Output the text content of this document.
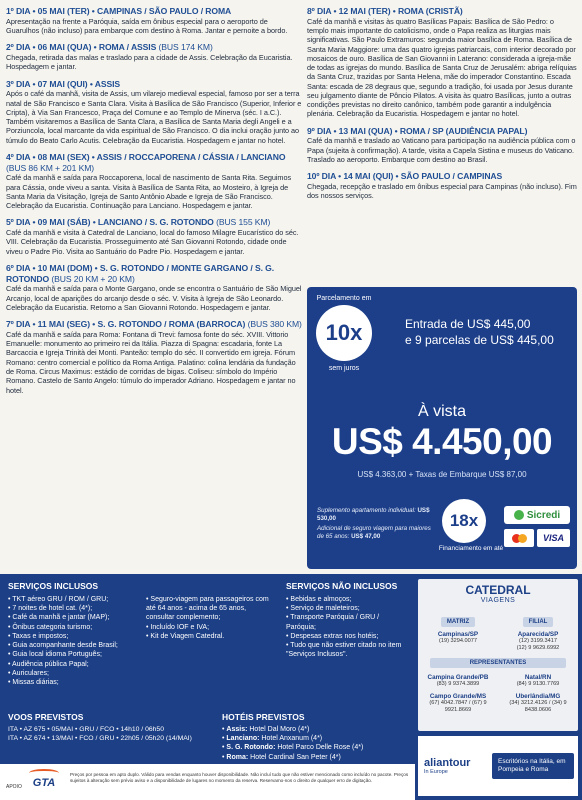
1º DIA • 05 MAI (TER) • CAMPINAS / SÃO PAULO / ROMA
Apresentação na frente a Paróquia, saída em ônibus especial para o aeroporto de Guarulhos (não incluso) para embarque com destino à Roma. Jantar e pernoite a bordo.
2º DIA • 06 MAI (QUA) • ROMA / ASSIS (BUS 174 KM)
Chegada, retirada das malas e traslado para a cidade de Assis. Celebração da Eucaristia. Hospedagem e jantar.
3º DIA • 07 MAI (QUI) • ASSIS
Após o café da manhã, visita de Assis, um vilarejo medieval especial, famoso por ser a terra natal de São Francisco e Santa Clara. Visita à Basílica de São Francisco (Superior, Inferior e Cripta), à Via San Francesco, Praça del Comune e ao Templo de Minerva (séc. I a.C.). Também visitaremos a Basílica de Santa Clara, a Basílica de Santa Maria degli Angeli e a Porziuncola, local marcante da vida espiritual de São Francisco. O dia inclui oração junto ao túmulo do Beato Carlo Acutis. Celebração da Eucaristia. Hospedagem e jantar no hotel.
4º DIA • 08 MAI (SEX) • ASSIS / ROCCAPORENA / CÁSSIA / LANCIANO (BUS 86 KM + 201 KM)
Café da manhã e saída para Roccaporena, local de nascimento de Santa Rita. Seguimos para Cássia, onde viveu a santa. Visita à Basílica de Santa Rita, ao Mosteiro, à Igreja de Santa Maria da Visitação, Igreja de Santo Antônio Abade e Igreja de São Francisco. Celebração da Eucaristia. Continuação para Lanciano. Hospedagem e jantar.
5º DIA • 09 MAI (SÁB) • LANCIANO / S. G. ROTONDO (BUS 155 KM)
Café da manhã e visita à Catedral de Lanciano, local do famoso Milagre Eucarístico do séc. VIII. Celebração da Eucaristia. Prosseguimento até San Giovanni Rotondo, cidade onde viveu o Padre Pio. Visita ao Santuário do Padre Pio. Hospedagem e jantar.
6º DIA • 10 MAI (DOM) • S. G. ROTONDO / MONTE GARGANO / S. G. ROTONDO (BUS 20 KM + 20 KM)
Café da manhã e saída para o Monte Gargano, onde se encontra o Santuário de São Miguel Arcanjo, local de aparições do arcanjo desde o séc. V. Visita à Igreja de São Leonardo. Celebração da Eucaristia. Retorno a San Giovanni Rotondo. Hospedagem e jantar.
7º DIA • 11 MAI (SEG) • S. G. ROTONDO / ROMA (BARROCA) (BUS 380 KM)
Café da manhã e saída para Roma: Fontana di Trevi: famosa fonte do séc. XVIII. Vittorio Emanuelle: monumento ao primeiro rei da Itália. Piazza di Spagna: escadaria, fonte La Barcaccia e Igreja Trinità dei Monti. Panteão: templo do séc. II convertido em igreja. Fórum Romano: centro comercial e político da Roma Antiga. Palatino: colina lendária da fundação de Roma. Circus Maximus: estádio de corridas de bigas. Coliseu: símbolo do Império Romano. Castelo de Santo Angelo: túmulo do imperador Adriano. Hospedagem e jantar no hotel.
8º DIA • 12 MAI (TER) • ROMA (CRISTÃ)
Café da manhã e visitas às quatro Basílicas Papais: Basílica de São Pedro: o templo mais importante do catolicismo, onde o Papa realiza as liturgias mais significativas. São Paulo Extramuros: segunda maior basílica de Roma. Basílica de Santa Maria Maggiore: uma das quatro igrejas patriarcais, com interior decorado por mosaicos de ouro. Basílica de San Giovanni in Laterano: considerada a igreja-mãe de todas as igrejas do mundo. Basílica de Santa Cruz de Jerusalém: abriga relíquias da Santa Cruz, trazidas por Santa Helena, mãe do imperador Constantino. Escada Santa: escada de 28 degraus que, segundo a tradição, foi usada por Jesus durante seu julgamento diante de Pôncio Pilatos. A visita às quatro Basílicas, junto a outras condições previstas no direito canônico, também pode garantir a indulgência plenária. Celebração da Eucaristia. Hospedagem e jantar no hotel.
9º DIA • 13 MAI (QUA) • ROMA / SP (AUDIÊNCIA PAPAL)
Café da manhã e traslado ao Vaticano para participação na audiência pública com o Papa (sujeita à confirmação). A tarde, visita a Capela Sistina e museus do Vaticano. Traslado ao aeroporto. Embarque com destino ao Brasil.
10º DIA • 14 MAI (QUI) • SÃO PAULO / CAMPINAS
Chegada, recepção e traslado em ônibus especial para Campinas (não incluso). Fim dos nossos serviços.
Parcelamento em
10x
sem juros
Entrada de US$ 445,00
e 9 parcelas de US$ 445,00
À vista
US$ 4.450,00
US$ 4.363,00 + Taxas de Embarque US$ 87,00
Suplemento apartamento individual: US$ 530,00
Adicional de seguro viagem para maiores de 65 anos: US$ 47,00
18x
Financiamento em até
Sicredi
VISA
SERVIÇOS INCLUSOS
• TKT aéreo GRU / ROM / GRU;
• 7 noites de hotel cat. (4*);
• Café da manhã e jantar (MAP);
• Ônibus categoria turismo;
• Taxas e impostos;
• Guia acompanhante desde Brasil;
• Guia local idioma Português;
• Audiência pública Papal;
• Auriculares;
• Missas diárias;
• Seguro-viagem para passageiros com até 64 anos - acima de 65 anos, consultar complemento;
• Incluído IOF e IVA;
• Kit de Viagem Catedral.
SERVIÇOS NÃO INCLUSOS
• Bebidas e almoços;
• Serviço de maleteiros;
• Transporte Paróquia / GRU / Paróquia;
• Despesas extras nos hotéis;
• Tudo que não estiver citado no item "Serviços Inclusos".
VOOS PREVISTOS
ITA • AZ 675 • 05/MAI • GRU / FCO • 14h10 / 06h50
ITA • AZ 674 • 13/MAI • FCO / GRU • 22h05 / 05h20 (14/MAI)
HOTÉIS PREVISTOS
• Assis: Hotel Dal Moro (4*)
• Lanciano: Hotel Anxanum (4*)
• S. G. Rotondo: Hotel Parco Delle Rose (4*)
• Roma: Hotel Cardinal San Peter (4*)
APOIO GTA
Preços por pessoa em apto duplo. Válido para vendas enquanto houver disponibilidade. Não incluí tudo que não estiver mencionado como incluído no pacote. Preços sujeitos à alteração sem prévio aviso e a disponibilidade de lugares no momento da reserva. Reservamo-nos o direito de qualquer erro de digitação.
CATEDRAL
VIAGENS
MATRIZ
Campinas/SP
(19) 3294.0077
FILIAL
Aparecida/SP
(12) 3199.3417
(12) 9 9629.6992
REPRESENTANTES
Campina Grande/PB
(83) 9 9374.3899
Natal/RN
(84) 9 9130.7769
Campo Grande/MS
(67) 4042.7847 / (67) 9 9921.8669
Uberlândia/MG
(34) 3212.4126 / (34) 9 8438.0606
aliantour
In Europe
Escritórios na Itália, em Pompeia e Roma
